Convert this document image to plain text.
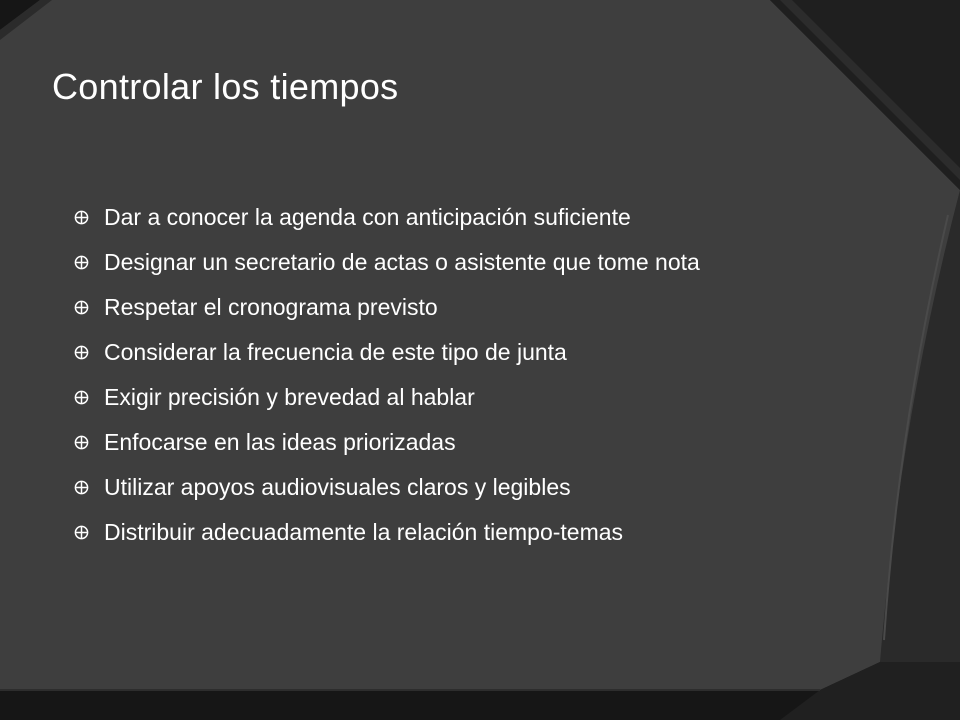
Controlar los tiempos
Dar a conocer la agenda con anticipación suficiente
Designar un secretario de actas o asistente que tome nota
Respetar el cronograma previsto
Considerar la frecuencia de este tipo de junta
Exigir precisión y brevedad al hablar
Enfocarse en las ideas priorizadas
Utilizar apoyos audiovisuales claros y legibles
Distribuir adecuadamente la relación tiempo-temas
